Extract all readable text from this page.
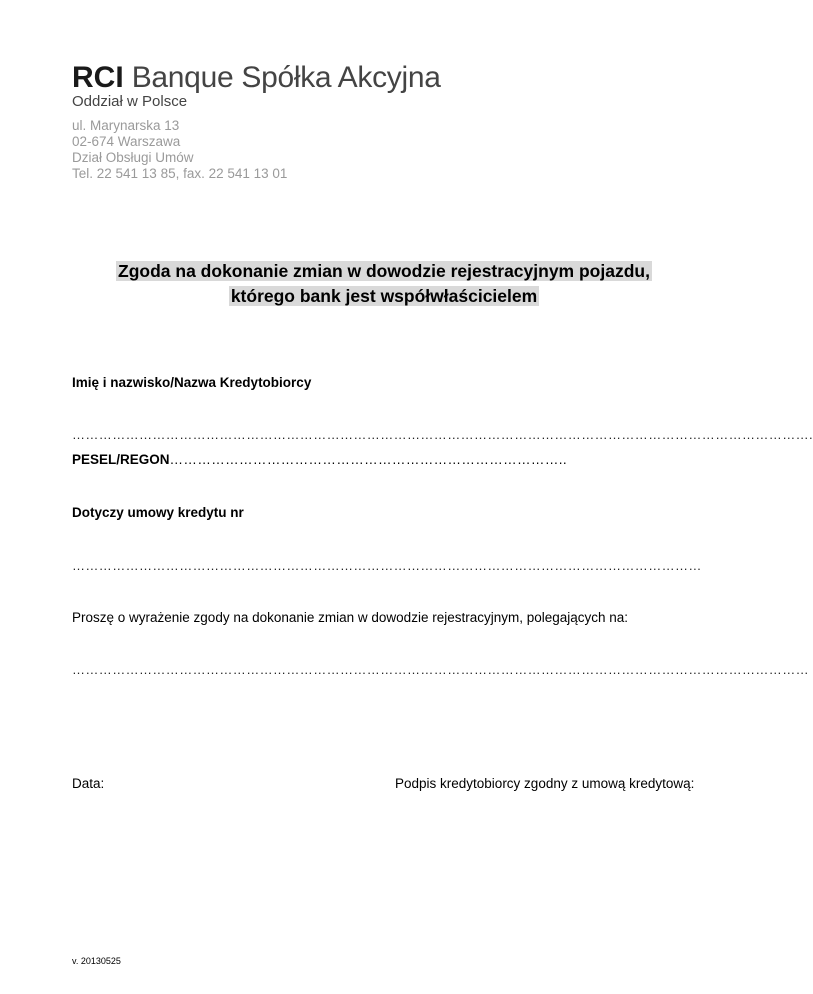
RCI Banque Spółka Akcyjna
Oddział w Polsce
ul. Marynarska 13
02-674 Warszawa
Dział Obsługi Umów
Tel. 22 541 13 85, fax. 22 541 13 01
Zgoda na dokonanie zmian w dowodzie rejestracyjnym pojazdu,
którego bank jest współwłaścicielem
Imię i nazwisko/Nazwa Kredytobiorcy
………………………………………………………………………………………………………………………………………………….
PESEL/REGON…………………………………………………………………………..
Dotyczy umowy kredytu nr
……………………………………………………………………………………………………………………………
Proszę o wyrażenie zgody na dokonanie zmian w dowodzie rejestracyjnym, polegających na:
…………………………………………………………………………………………………………………………………………………
Data:	Podpis kredytobiorcy zgodny z umową kredytową:
v. 20130525
